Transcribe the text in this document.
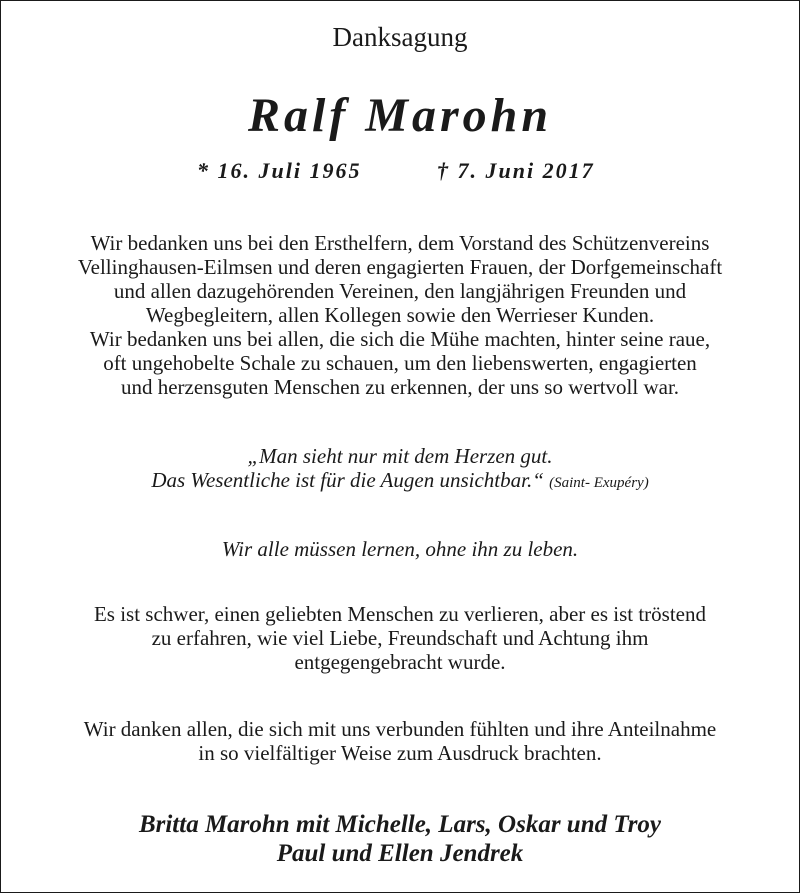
Danksagung
Ralf Marohn
* 16. Juli 1965	† 7. Juni 2017
Wir bedanken uns bei den Ersthelfern, dem Vorstand des Schützenvereins
Vellinghausen-Eilmsen und deren engagierten Frauen, der Dorfgemeinschaft
und allen dazugehörenden Vereinen, den langjährigen Freunden und
Wegbegleitern, allen Kollegen sowie den Werrieser Kunden.
Wir bedanken uns bei allen, die sich die Mühe machten, hinter seine raue,
oft ungehobelte Schale zu schauen, um den liebenswerten, engagierten
und herzensguten Menschen zu erkennen, der uns so wertvoll war.
„Man sieht nur mit dem Herzen gut.
Das Wesentliche ist für die Augen unsichtbar.“ (Saint- Exupéry)
Wir alle müssen lernen, ohne ihn zu leben.
Es ist schwer, einen geliebten Menschen zu verlieren, aber es ist tröstend
zu erfahren, wie viel Liebe, Freundschaft und Achtung ihm
entgegengebracht wurde.
Wir danken allen, die sich mit uns verbunden fühlten und ihre Anteilnahme
in so vielfältiger Weise zum Ausdruck brachten.
Britta Marohn mit Michelle, Lars, Oskar und Troy
Paul und Ellen Jendrek
